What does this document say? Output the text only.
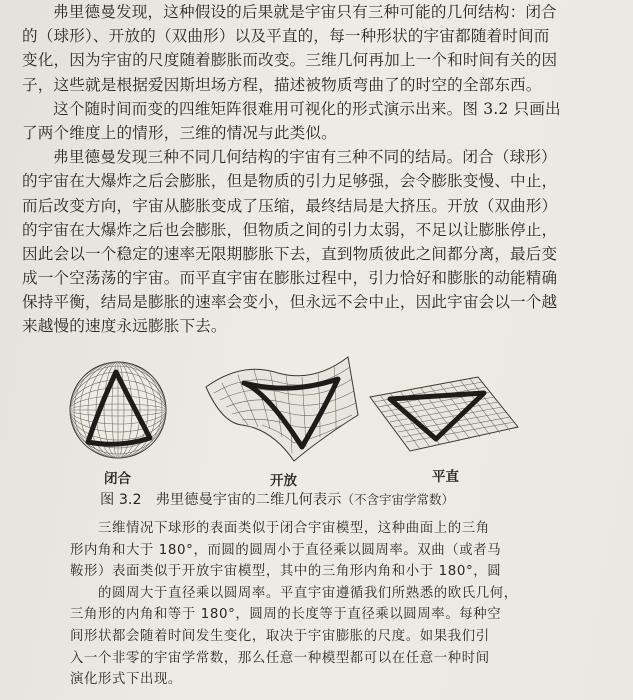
弗里德曼发现，这种假设的后果就是宇宙只有三种可能的几何结构：闭合
的（球形）、开放的（双曲形）以及平直的，每一种形状的宇宙都随着时间而
变化，因为宇宙的尺度随着膨胀而改变。三维几何再加上一个和时间有关的因
子，这些就是根据爱因斯坦场方程，描述被物质弯曲了的时空的全部东西。
这个随时间而变的四维矩阵很难用可视化的形式演示出来。图 3.2 只画出
了两个维度上的情形，三维的情况与此类似。
弗里德曼发现三种不同几何结构的宇宙有三种不同的结局。闭合（球形）
的宇宙在大爆炸之后会膨胀，但是物质的引力足够强，会令膨胀变慢、中止，
而后改变方向，宇宙从膨胀变成了压缩，最终结局是大挤压。开放（双曲形）
的宇宙在大爆炸之后也会膨胀，但物质之间的引力太弱，不足以让膨胀停止，
因此会以一个稳定的速率无限期膨胀下去，直到物质彼此之间都分离，最后变
成一个空荡荡的宇宙。而平直宇宙在膨胀过程中，引力恰好和膨胀的动能精确
保持平衡，结局是膨胀的速率会变小，但永远不会中止，因此宇宙会以一个越
来越慢的速度永远膨胀下去。
闭合	开放	平直
图 3.2 弗里德曼宇宙的二维几何表示（不含宇宙学常数）
三维情况下球形的表面类似于闭合宇宙模型，这种曲面上的三角
形内角和大于 180°，而圆的圆周小于直径乘以圆周率。双曲（或者马
鞍形）表面类似于开放宇宙模型，其中的三角形内角和小于 180°，圆
的圆周大于直径乘以圆周率。平直宇宙遵循我们所熟悉的欧氏几何，
三角形的内角和等于 180°，圆周的长度等于直径乘以圆周率。每种空
间形状都会随着时间发生变化，取决于宇宙膨胀的尺度。如果我们引
入一个非零的宇宙学常数，那么任意一种模型都可以在任意一种时间
演化形式下出现。
